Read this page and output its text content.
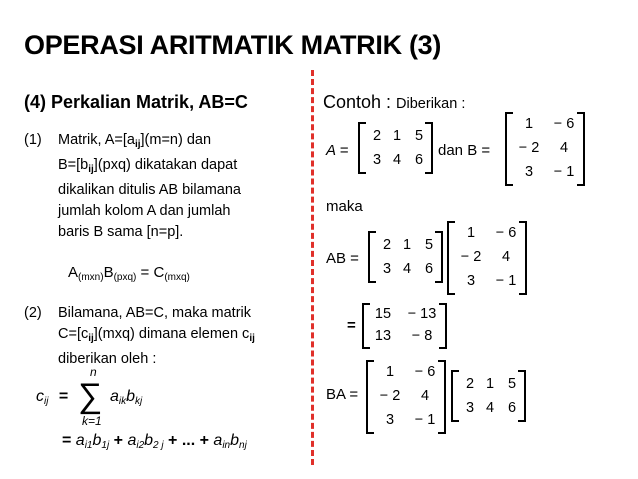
OPERASI ARITMATIK MATRIK (3)
(4) Perkalian Matrik, AB=C
(1) Matrik, $A=[a_{ij}](m=n)$ dan
$B=[b_{ij}](pxq)$ dikatakan dapat
dikalikan ditulis AB bilamana
jumlah kolom A dan jumlah
baris B sama [n=p].
$A_{(mxn)}B_{(pxq)} = C_{(mxq)}$
(2) Bilamana, AB=C, maka matrik
$C=[c_{ij}](mxq)$ dimana elemen $c_{ij}$
diberikan oleh :
$c_{ij}$ =
n
∑
k=1
$a_{ik}b_{kj}$
= $a_{i1}b_{1j} + a_{i2}b_{2 j}$ + ... + $a_{in}b_{nj}$
Contoh : Diberikan :
A =
2 1 5
3 4 6
dan B =
1	− 6
− 2	4
3	− 1
maka
AB =
2 1 5
3 4 6
1	− 6
− 2	4
3	− 1
=
15	− 13
13	− 8
BA =
1	− 6
− 2	4
3	− 1
2 1 5
3 4 6
